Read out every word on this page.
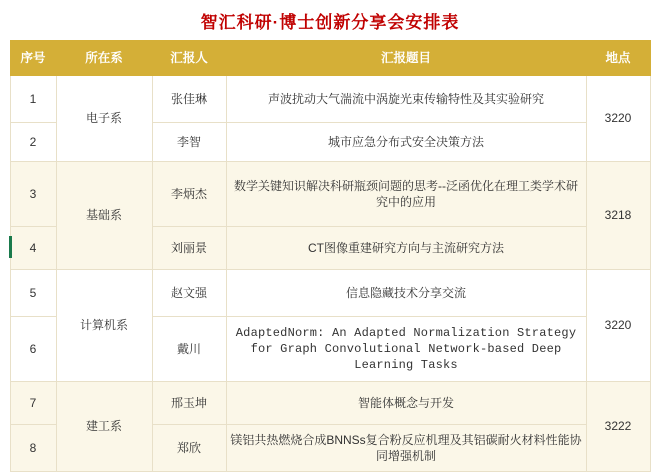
智汇科研·博士创新分享会安排表
序号	所在系	汇报人	汇报题目	地点
1	电子系	张佳琳	声波扰动大气湍流中涡旋光束传输特性及其实验研究	3220
2		李智	城市应急分布式安全决策方法	
3	基础系	李炳杰	数学关键知识解决科研瓶颈问题的思考--泛函优化在理工类学术研究中的应用	3218
4		刘丽景	CT图像重建研究方向与主流研究方法	
5	计算机系	赵文强	信息隐藏技术分享交流	3220
6		戴川	AdaptedNorm: An Adapted Normalization Strategy for Graph Convolutional Network-based Deep Learning Tasks	
7	建工系	邢玉坤	智能体概念与开发	3222
8		郑欣	镁铝共热燃烧合成BNNSs复合粉反应机理及其铝碳耐火材料性能协同增强机制	
